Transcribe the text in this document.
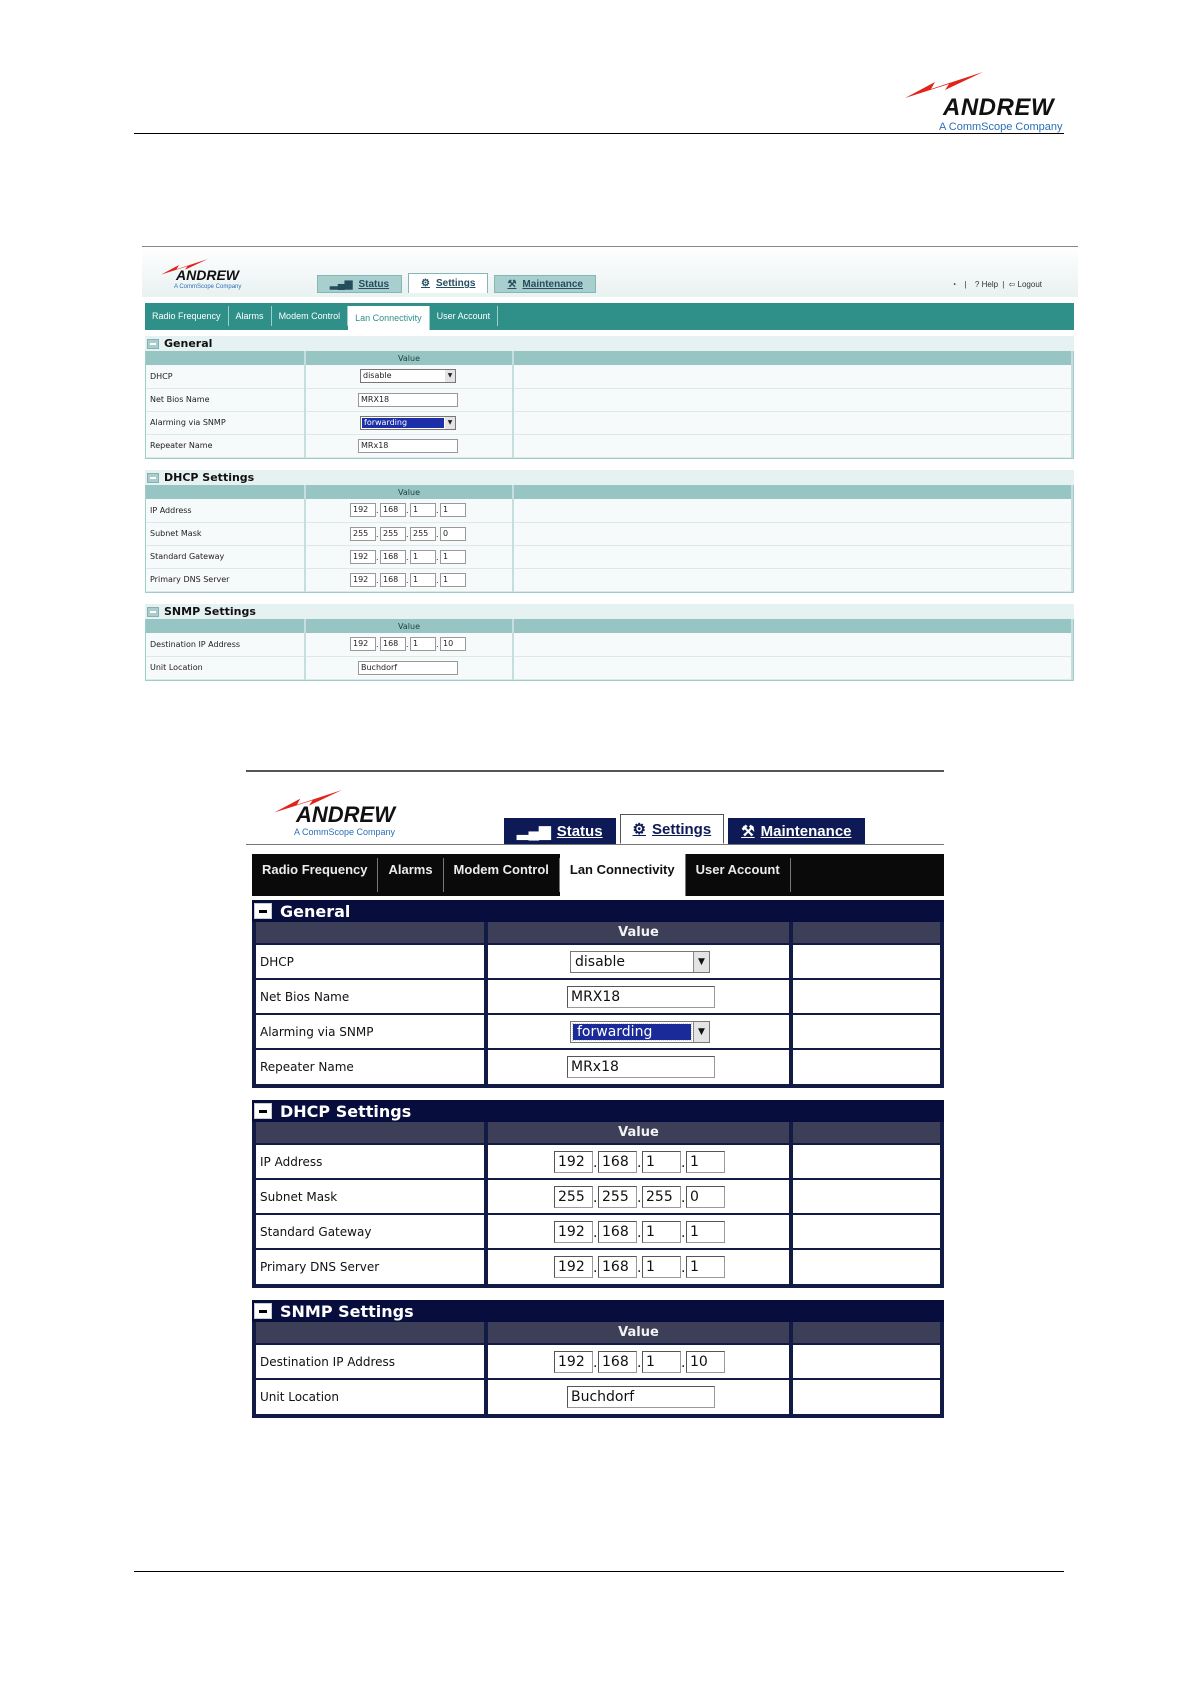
ANDREW
A CommScope Company
ANDREW
A CommScope Company	▂▄▆ Status	⚙ Settings	⚒ Maintenance	◔ | ? Help | ⇦ Logout
Radio Frequency	Alarms	Modem Control	Lan Connectivity	User Account
General
	Value	
DHCP	disable ▼	

Net Bios Name	MRX18	
Alarming via SNMP	forwarding ▼	

Repeater Name	MRx18	
DHCP Settings
	Value	
IP Address	192 . 168 . 1 . 1	
Subnet Mask	255 . 255 . 255 . 0	
Standard Gateway	192 . 168 . 1 . 1	
Primary DNS Server	192 . 168 . 1 . 1	
SNMP Settings
	Value	
Destination IP Address	192 . 168 . 1 . 10	
Unit Location	Buchdorf	
ANDREW
A CommScope Company	▂▄▆ Status ⚙ Settings ⚒ Maintenance
Radio Frequency	Alarms	Modem Control	Lan Connectivity	User Account
General
	Value	
DHCP	disable ▼	

Net Bios Name	MRX18	
Alarming via SNMP	forwarding ▼	

Repeater Name	MRx18	
DHCP Settings
	Value	
IP Address	192 . 168 . 1 . 1	
Subnet Mask	255 . 255 . 255 . 0	
Standard Gateway	192 . 168 . 1 . 1	
Primary DNS Server	192 . 168 . 1 . 1	
SNMP Settings
	Value	
Destination IP Address	192 . 168 . 1 . 10	
Unit Location	Buchdorf	
